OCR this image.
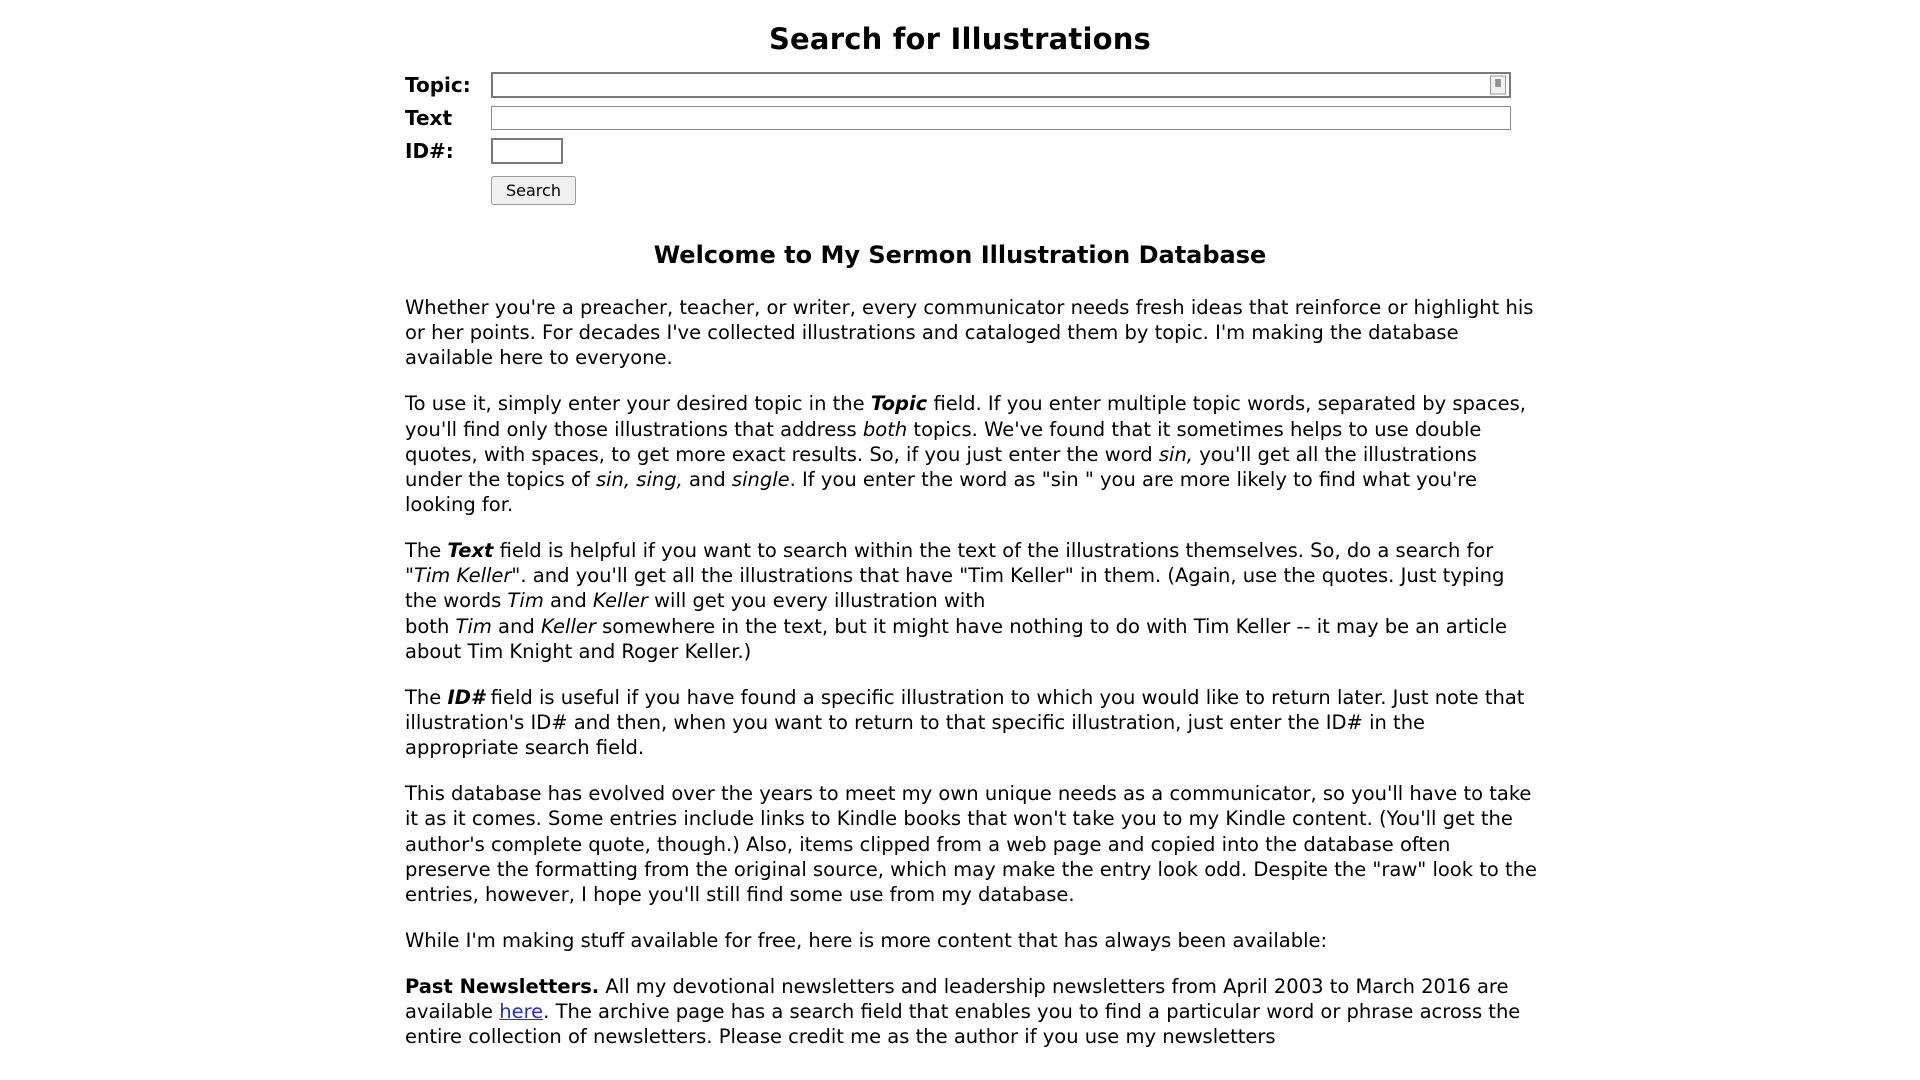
Search for Illustrations
Topic:	≣
Text
ID#:
Search
Welcome to My Sermon Illustration Database

Whether you're a preacher, teacher, or writer, every communicator needs fresh ideas that reinforce or highlight his or her points. For decades I've collected illustrations and cataloged them by topic. I'm making the database available here to everyone.

To use it, simply enter your desired topic in the Topic field. If you enter multiple topic words, separated by spaces, you'll find only those illustrations that address both topics. We've found that it sometimes helps to use double quotes, with spaces, to get more exact results. So, if you just enter the word sin, you'll get all the illustrations under the topics of sin, sing, and single. If you enter the word as "sin " you are more likely to find what you're looking for.

The Text field is helpful if you want to search within the text of the illustrations themselves. So, do a search for "Tim Keller". and you'll get all the illustrations that have "Tim Keller" in them. (Again, use the quotes. Just typing the words Tim and Keller will get you every illustration with
both Tim and Keller somewhere in the text, but it might have nothing to do with Tim Keller -- it may be an article about Tim Knight and Roger Keller.)

The ID# field is useful if you have found a specific illustration to which you would like to return later. Just note that illustration's ID# and then, when you want to return to that specific illustration, just enter the ID# in the appropriate search field.

This database has evolved over the years to meet my own unique needs as a communicator, so you'll have to take it as it comes. Some entries include links to Kindle books that won't take you to my Kindle content. (You'll get the author's complete quote, though.) Also, items clipped from a web page and copied into the database often preserve the formatting from the original source, which may make the entry look odd. Despite the "raw" look to the entries, however, I hope you'll still find some use from my database.

While I'm making stuff available for free, here is more content that has always been available:

Past Newsletters. All my devotional newsletters and leadership newsletters from April 2003 to March 2016 are available here. The archive page has a search field that enables you to find a particular word or phrase across the entire collection of newsletters. Please credit me as the author if you use my newsletters
